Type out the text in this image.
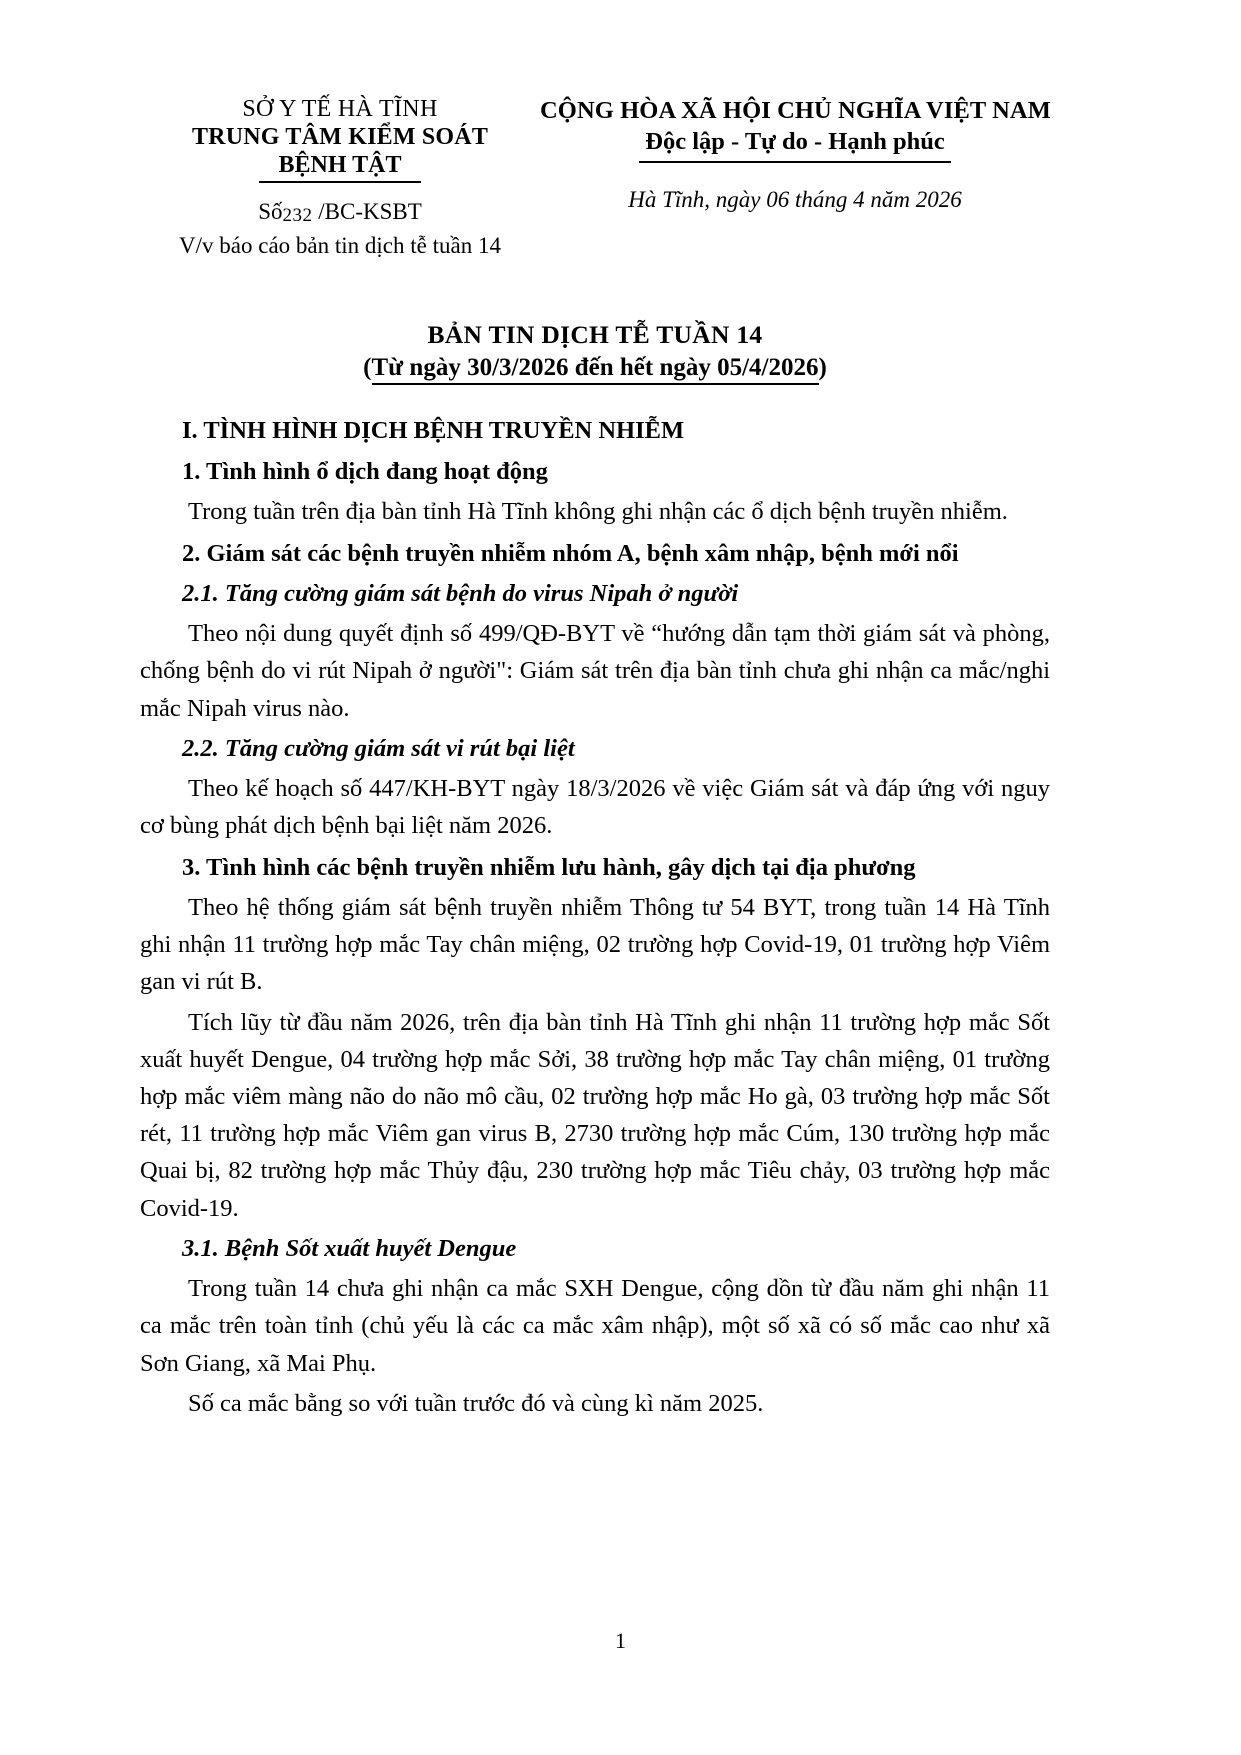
SỞ Y TẾ HÀ TĨNH
TRUNG TÂM KIỂM SOÁT
BỆNH TẬT
Số232 /BC-KSBT
V/v báo cáo bản tin dịch tễ tuần 14
CỘNG HÒA XÃ HỘI CHỦ NGHĨA VIỆT NAM
Độc lập - Tự do - Hạnh phúc
Hà Tĩnh, ngày 06 tháng 4 năm 2026
BẢN TIN DỊCH TỄ TUẦN 14
(Từ ngày 30/3/2026 đến hết ngày 05/4/2026)

I. TÌNH HÌNH DỊCH BỆNH TRUYỀN NHIỄM

1. Tình hình ổ dịch đang hoạt động

Trong tuần trên địa bàn tỉnh Hà Tĩnh không ghi nhận các ổ dịch bệnh truyền nhiễm.

2. Giám sát các bệnh truyền nhiễm nhóm A, bệnh xâm nhập, bệnh mới nổi

2.1. Tăng cường giám sát bệnh do virus Nipah ở người

Theo nội dung quyết định số 499/QĐ-BYT về “hướng dẫn tạm thời giám sát và phòng, chống bệnh do vi rút Nipah ở người": Giám sát trên địa bàn tỉnh chưa ghi nhận ca mắc/nghi mắc Nipah virus nào.

2.2. Tăng cường giám sát vi rút bại liệt

Theo kế hoạch số 447/KH-BYT ngày 18/3/2026 về việc Giám sát và đáp ứng với nguy cơ bùng phát dịch bệnh bại liệt năm 2026.

3. Tình hình các bệnh truyền nhiễm lưu hành, gây dịch tại địa phương

Theo hệ thống giám sát bệnh truyền nhiễm Thông tư 54 BYT, trong tuần 14 Hà Tĩnh ghi nhận 11 trường hợp mắc Tay chân miệng, 02 trường hợp Covid-19, 01 trường hợp Viêm gan vi rút B.

Tích lũy từ đầu năm 2026, trên địa bàn tỉnh Hà Tĩnh ghi nhận 11 trường hợp mắc Sốt xuất huyết Dengue, 04 trường hợp mắc Sởi, 38 trường hợp mắc Tay chân miệng, 01 trường hợp mắc viêm màng não do não mô cầu, 02 trường hợp mắc Ho gà, 03 trường hợp mắc Sốt rét, 11 trường hợp mắc Viêm gan virus B, 2730 trường hợp mắc Cúm, 130 trường hợp mắc Quai bị, 82 trường hợp mắc Thủy đậu, 230 trường hợp mắc Tiêu chảy, 03 trường hợp mắc Covid-19.

3.1. Bệnh Sốt xuất huyết Dengue

Trong tuần 14 chưa ghi nhận ca mắc SXH Dengue, cộng dồn từ đầu năm ghi nhận 11 ca mắc trên toàn tỉnh (chủ yếu là các ca mắc xâm nhập), một số xã có số mắc cao như xã Sơn Giang, xã Mai Phụ.

Số ca mắc bằng so với tuần trước đó và cùng kì năm 2025.

1
